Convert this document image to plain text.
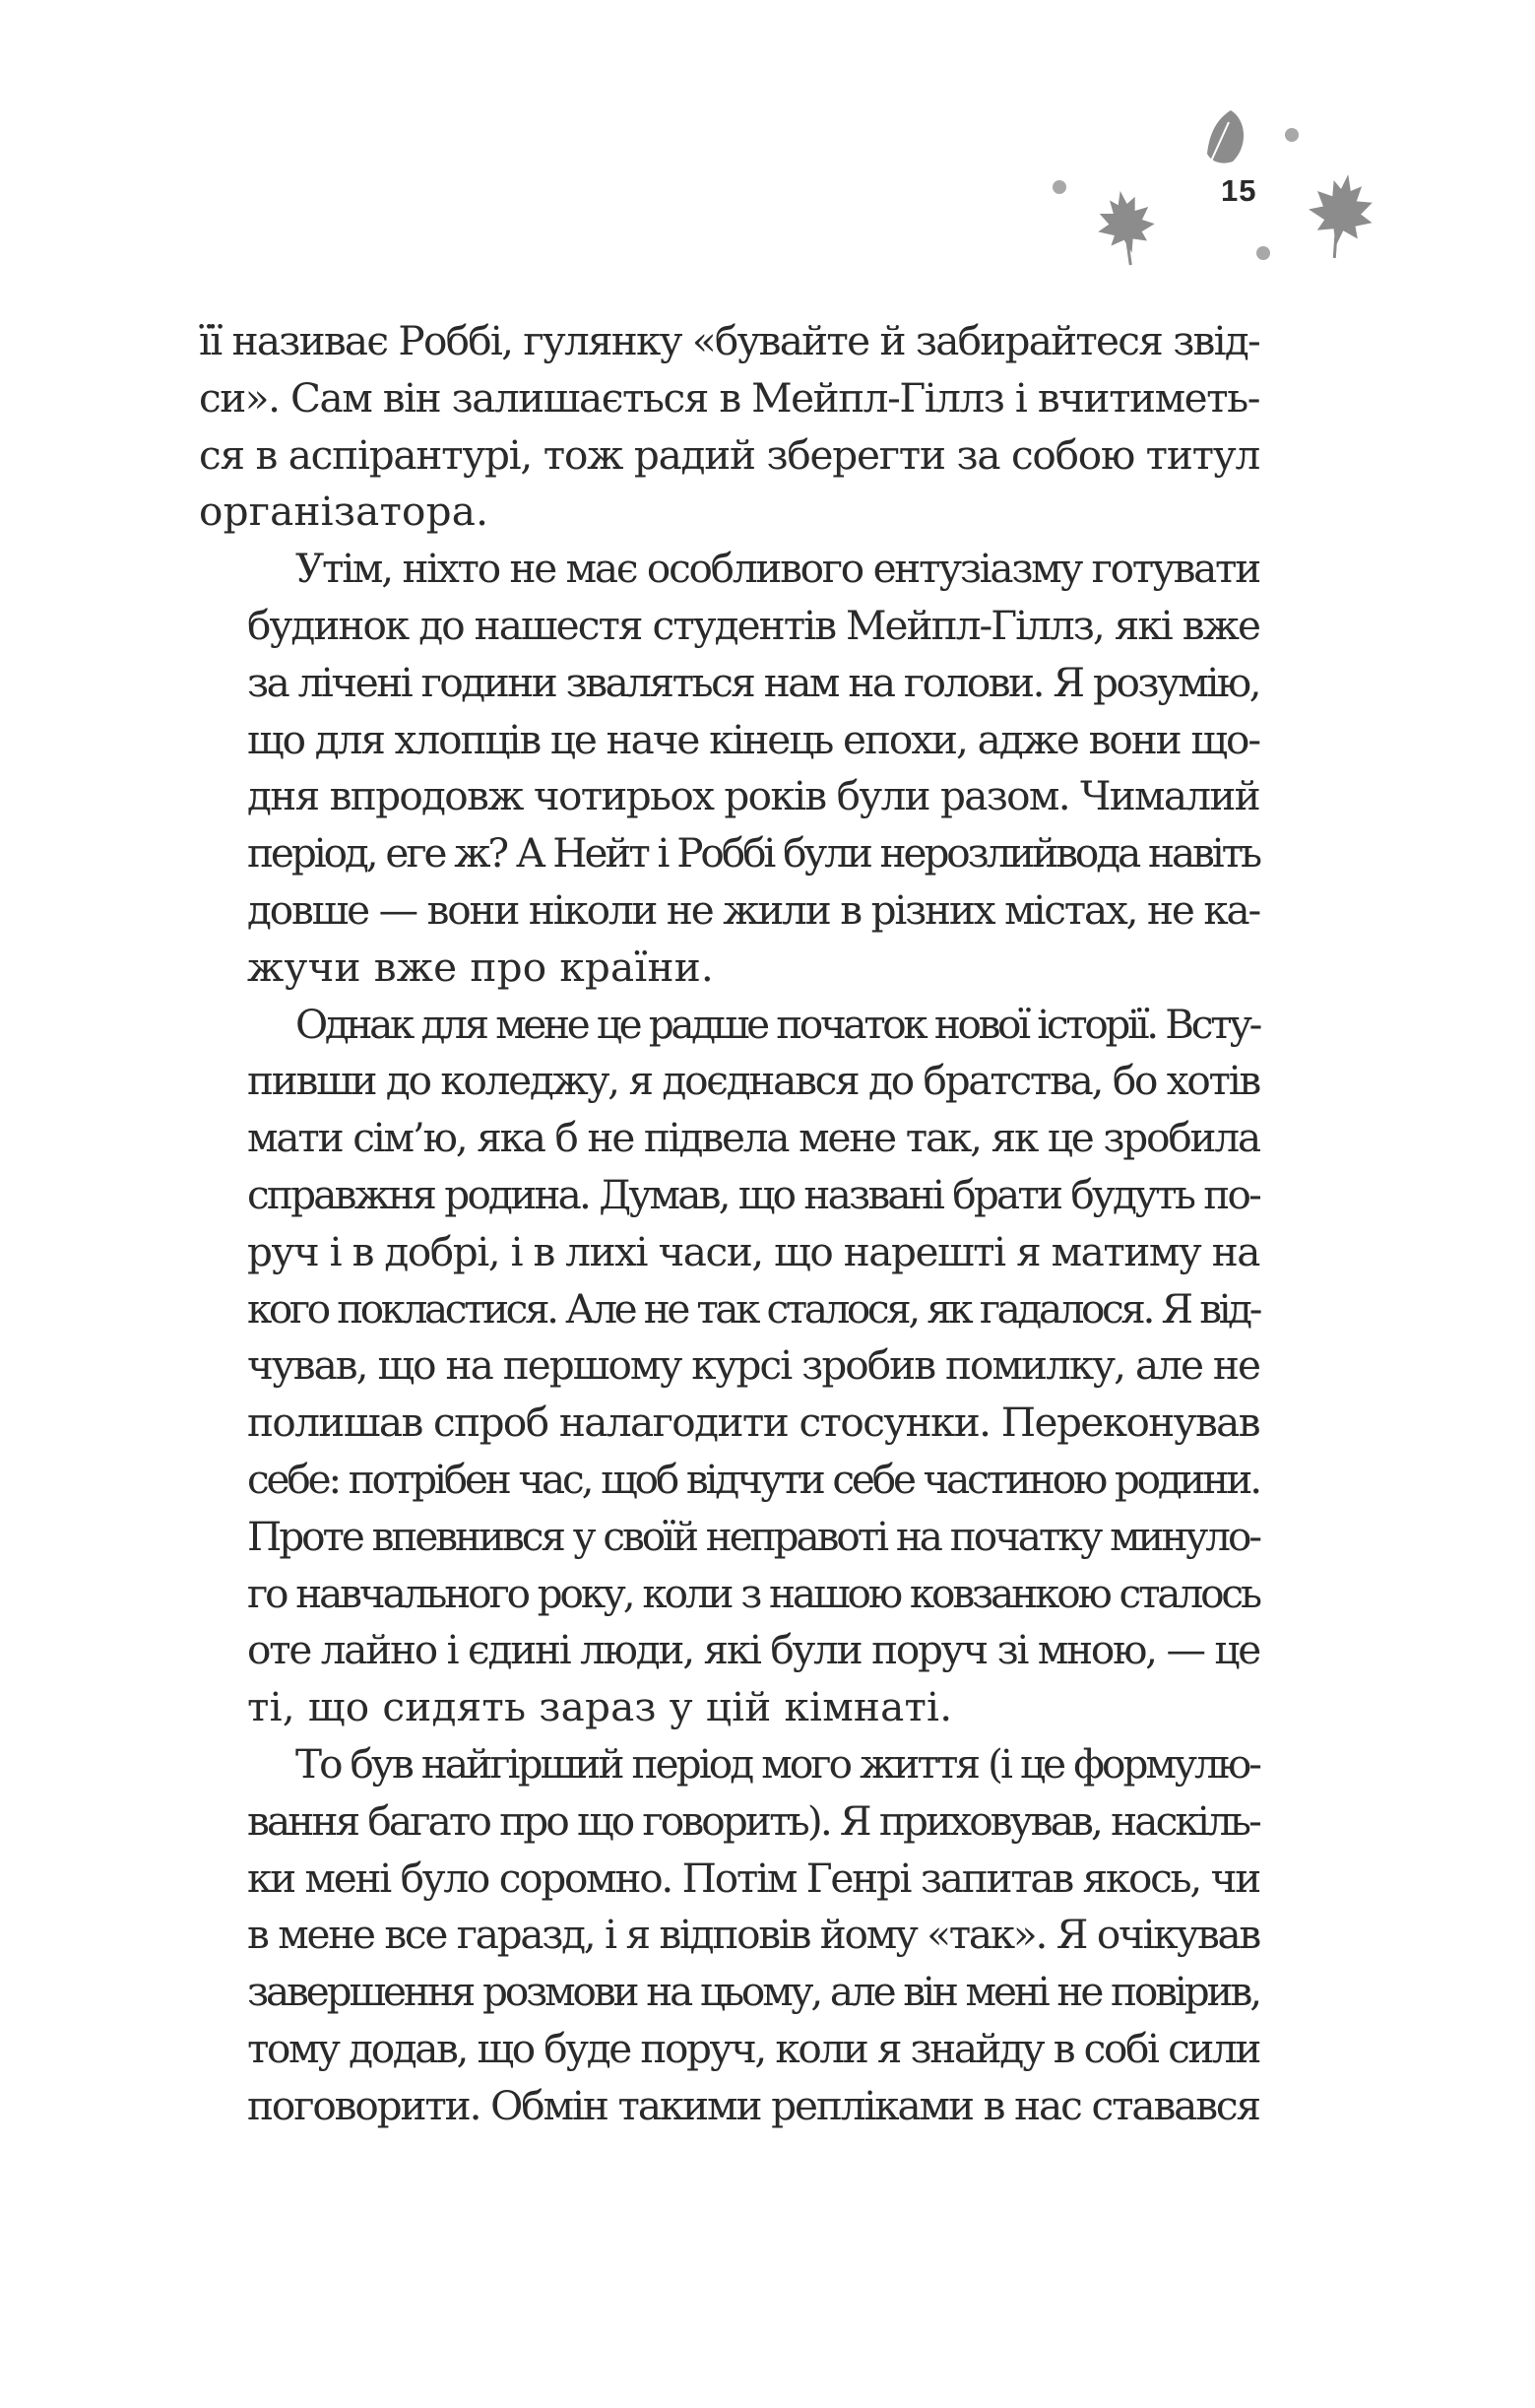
15

її називає Роббі, гулянку «бувайте й забирайтеся звід-
си». Сам він залишається в Мейпл-Гіллз і вчитиметь-
ся в аспірантурі, тож радий зберегти за собою титул
організатора.

Утім, ніхто не має особливого ентузіазму готувати
будинок до нашестя студентів Мейпл-Гіллз, які вже
за лічені години зваляться нам на голови. Я розумію,
що для хлопців це наче кінець епохи, адже вони що-
дня впродовж чотирьох років були разом. Чималий
період, еге ж? А Нейт і Роббі були нерозлийвода навіть
довше — вони ніколи не жили в різних містах, не ка-
жучи вже про країни.

Однак для мене це радше початок нової історії. Всту-
пивши до коледжу, я доєднався до братства, бо хотів
мати сім’ю, яка б не підвела мене так, як це зробила
справжня родина. Думав, що названі брати будуть по-
руч і в добрі, і в лихі часи, що нарешті я матиму на
кого покластися. Але не так сталося, як гадалося. Я від-
чував, що на першому курсі зробив помилку, але не
полишав спроб налагодити стосунки. Переконував
себе: потрібен час, щоб відчути себе частиною родини.
Проте впевнився у своїй неправоті на початку минуло-
го навчального року, коли з нашою ковзанкою сталось
оте лайно і єдині люди, які були поруч зі мною, — це
ті, що сидять зараз у цій кімнаті.

То був найгірший період мого життя (і це формулю-
вання багато про що говорить). Я приховував, наскіль-
ки мені було соромно. Потім Генрі запитав якось, чи
в мене все гаразд, і я відповів йому «так». Я очікував
завершення розмови на цьому, але він мені не повірив,
тому додав, що буде поруч, коли я знайду в собі сили
поговорити. Обмін такими репліками в нас ставався
